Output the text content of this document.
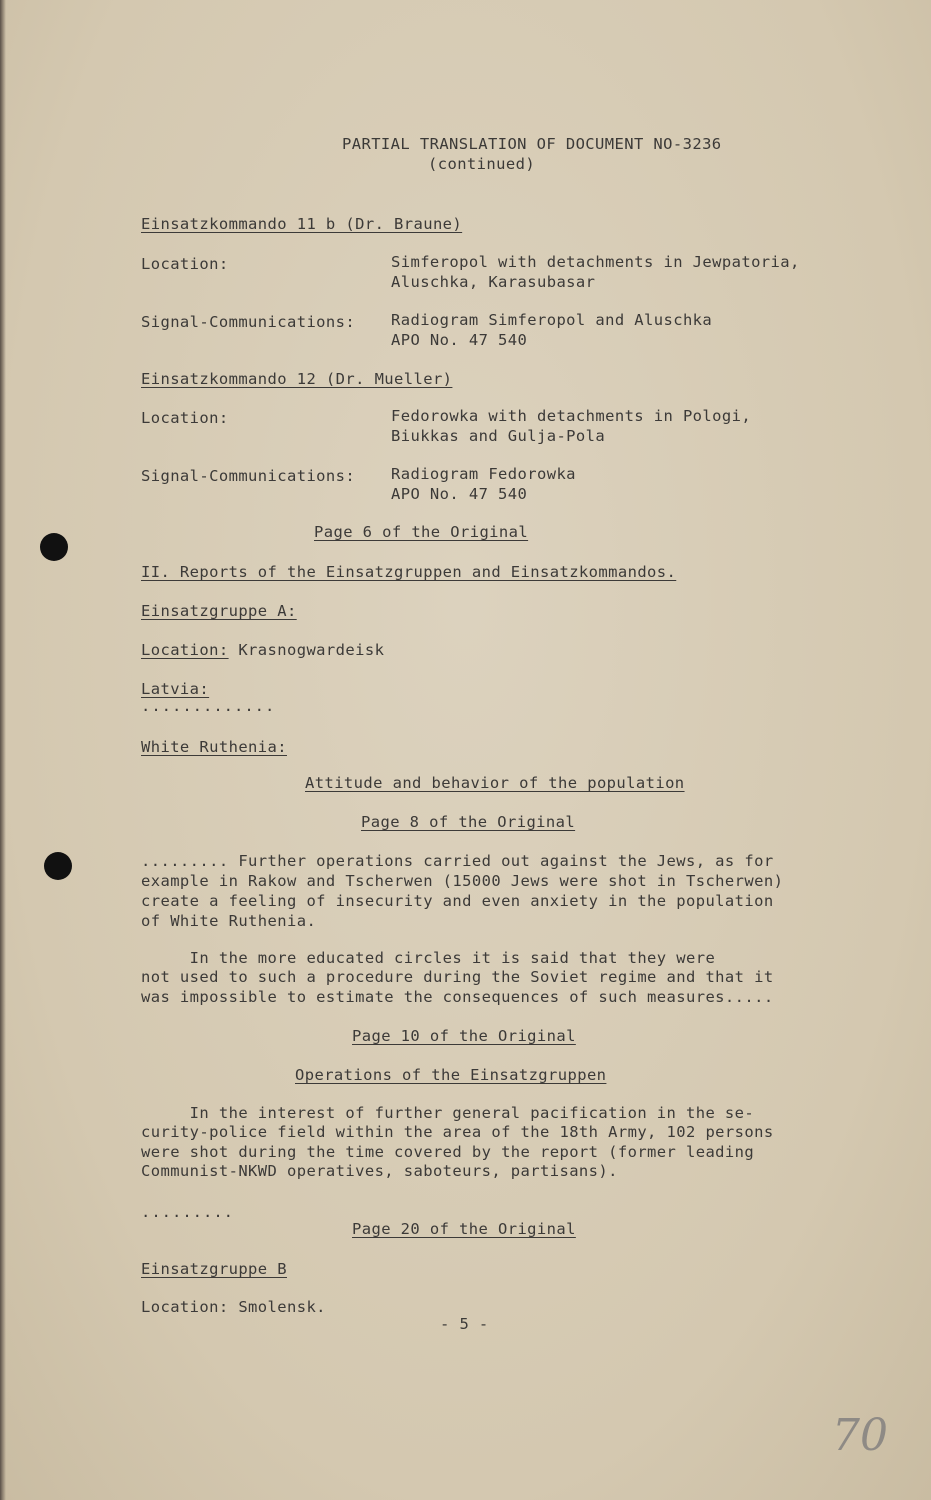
PARTIAL TRANSLATION OF DOCUMENT NO-3236
(continued)
Einsatzkommando 11 b (Dr. Braune)
Location:	Simferopol with detachments in Jewpatoria,
Aluschka, Karasubasar
Signal-Communications: Radiogram Simferopol and Aluschka
APO No. 47 540
Einsatzkommando 12 (Dr. Mueller)
Location:	Fedorowka with detachments in Pologi,
Biukkas and Gulja-Pola
Signal-Communications: Radiogram Fedorowka
APO No. 47 540
Page 6 of the Original
II. Reports of the Einsatzgruppen and Einsatzkommandos.
Einsatzgruppe A:
Location: Krasnogwardeisk
Latvia:
.............
White Ruthenia:
Attitude and behavior of the population
Page 8 of the Original
......... Further operations carried out against the Jews, as for
example in Rakow and Tscherwen (15000 Jews were shot in Tscherwen)
create a feeling of insecurity and even anxiety in the population
of White Ruthenia.
In the more educated circles it is said that they were
not used to such a procedure during the Soviet regime and that it
was impossible to estimate the consequences of such measures.....
Page 10 of the Original
Operations of the Einsatzgruppen
In the interest of further general pacification in the se-
curity-police field within the area of the 18th Army, 102 persons
were shot during the time covered by the report (former leading
Communist-NKWD operatives, saboteurs, partisans).
.........
Page 20 of the Original
Einsatzgruppe B
Location: Smolensk.
- 5 -
70
